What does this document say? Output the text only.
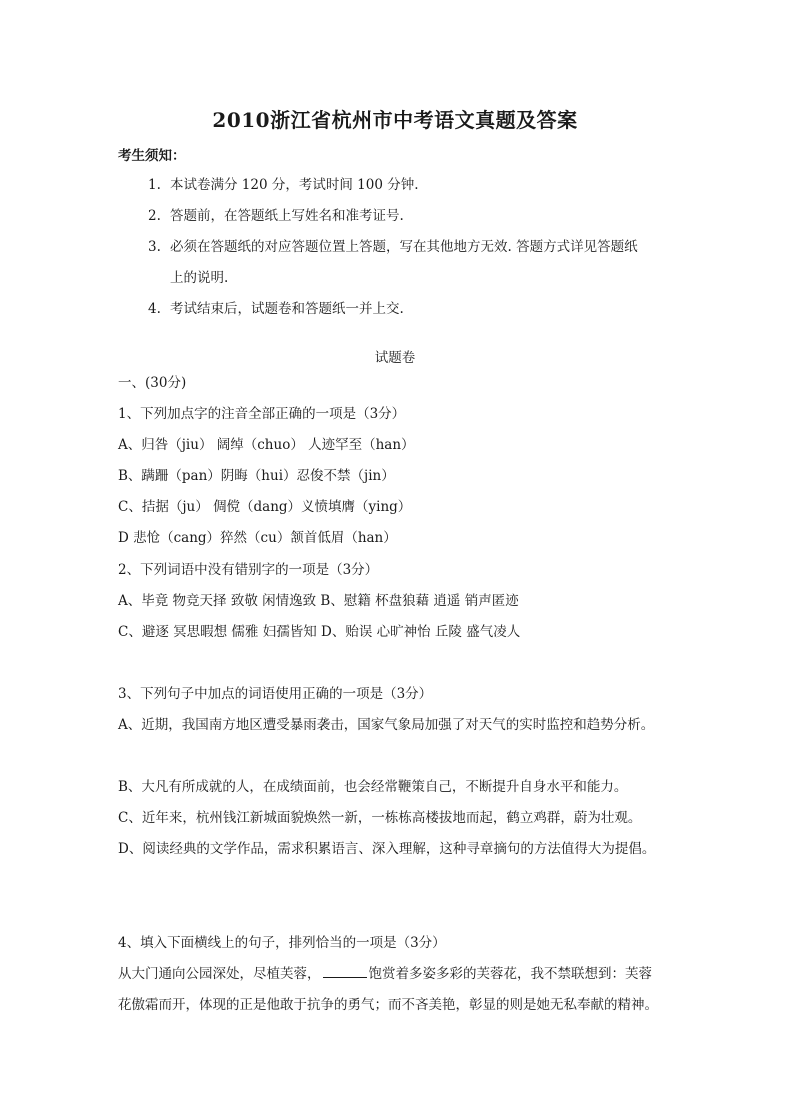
2010浙江省杭州市中考语文真题及答案
考生须知：
1. 本试卷满分 120 分，考试时间 100 分钟.
2. 答题前，在答题纸上写姓名和准考证号.
3. 必须在答题纸的对应答题位置上答题，写在其他地方无效. 答题方式详见答题纸
上的说明.
4. 考试结束后，试题卷和答题纸一并上交.
试题卷
一、(30分)
1、下列加点字的注音全部正确的一项是（3分）
A、归咎（jiu） 阔绰（chuo） 人迹罕至（han）
B、蹒跚（pan）阴晦（hui）忍俊不禁（jin）
C、拮据（ju） 倜傥（dang）义愤填膺（ying）
D 悲怆（cang）猝然（cu）颔首低眉（han）
2、下列词语中没有错别字的一项是（3分）
A、毕竟 物竞天择 致敬 闲情逸致 B、慰籍 杯盘狼藉 逍遥 销声匿迹
C、避逐 冥思暇想 儒雅 妇孺皆知 D、贻误 心旷神怡 丘陵 盛气凌人
3、下列句子中加点的词语使用正确的一项是（3分）
A、近期，我国南方地区遭受暴雨袭击，国家气象局加强了对天气的实时监控和趋势分析。
B、大凡有所成就的人，在成绩面前，也会经常鞭策自己，不断提升自身水平和能力。
C、近年来，杭州钱江新城面貌焕然一新，一栋栋高楼拔地而起，鹤立鸡群，蔚为壮观。
D、阅读经典的文学作品，需求积累语言、深入理解，这种寻章摘句的方法值得大为提倡。
4、填入下面横线上的句子，排列恰当的一项是（3分）
从大门通向公园深处，尽植芙蓉，	饱赏着多姿多彩的芙蓉花，我不禁联想到：芙蓉
花傲霜而开，体现的正是他敢于抗争的勇气；而不吝美艳，彰显的则是她无私奉献的精神。
